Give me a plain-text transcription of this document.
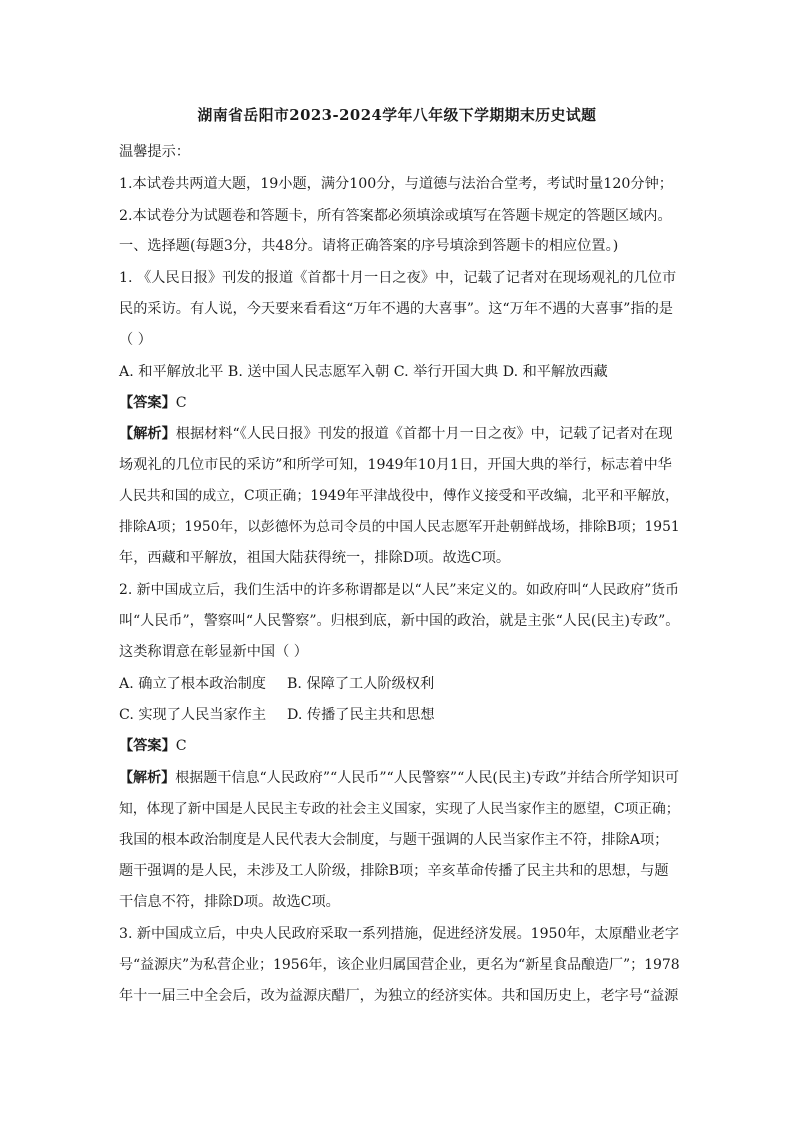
湖南省岳阳市2023-2024学年八年级下学期期末历史试题
温馨提示：
1.本试卷共两道大题，19小题，满分100分，与道德与法治合堂考，考试时量120分钟；
2.本试卷分为试题卷和答题卡，所有答案都必须填涂或填写在答题卡规定的答题区域内。
一、选择题(每题3分，共48分。请将正确答案的序号填涂到答题卡的相应位置。)
1. 《人民日报》刊发的报道《首都十月一日之夜》中，记载了记者对在现场观礼的几位市
民的采访。有人说，今天要来看看这“万年不遇的大喜事”。这“万年不遇的大喜事”指的是
（ ）
A. 和平解放北平 B. 送中国人民志愿军入朝 C. 举行开国大典 D. 和平解放西藏
【答案】C
【解析】根据材料“《人民日报》刊发的报道《首都十月一日之夜》中，记载了记者对在现
场观礼的几位市民的采访”和所学可知，1949年10月1日，开国大典的举行，标志着中华
人民共和国的成立，C项正确；1949年平津战役中，傅作义接受和平改编，北平和平解放，
排除A项；1950年，以彭德怀为总司令员的中国人民志愿军开赴朝鲜战场，排除B项；1951
年，西藏和平解放，祖国大陆获得统一，排除D项。故选C项。
2. 新中国成立后，我们生活中的许多称谓都是以“人民”来定义的。如政府叫“人民政府”货币
叫“人民币”，警察叫“人民警察”。归根到底，新中国的政治，就是主张“人民(民主)专政”。
这类称谓意在彰显新中国（ ）
A. 确立了根本政治制度 B. 保障了工人阶级权利
C. 实现了人民当家作主 D. 传播了民主共和思想
【答案】C
【解析】根据题干信息“人民政府”“人民币”“人民警察”“人民(民主)专政”并结合所学知识可
知，体现了新中国是人民民主专政的社会主义国家，实现了人民当家作主的愿望，C项正确；
我国的根本政治制度是人民代表大会制度，与题干强调的人民当家作主不符，排除A项；
题干强调的是人民，未涉及工人阶级，排除B项；辛亥革命传播了民主共和的思想，与题
干信息不符，排除D项。故选C项。
3. 新中国成立后，中央人民政府采取一系列措施，促进经济发展。1950年，太原醋业老字
号“益源庆”为私营企业；1956年，该企业归属国营企业，更名为“新星食品酿造厂”；1978
年十一届三中全会后，改为益源庆醋厂，为独立的经济实体。共和国历史上，老字号“益源
